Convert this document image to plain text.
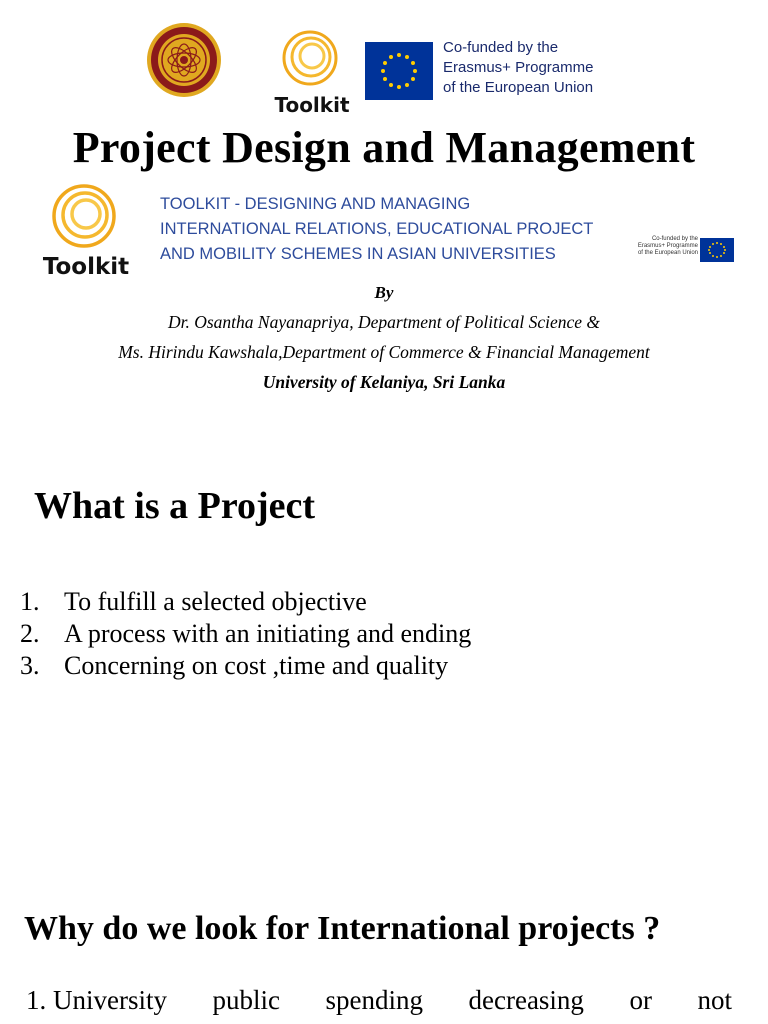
Toolkit
Co-funded by the
Erasmus+ Programme
of the European Union
Project Design and Management
Toolkit
TOOLKIT - DESIGNING AND MANAGING
INTERNATIONAL RELATIONS, EDUCATIONAL PROJECT
AND MOBILITY SCHEMES IN ASIAN UNIVERSITIES
Co-funded by the
Erasmus+ Programme
of the European Union
By
Dr. Osantha Nayanapriya, Department of Political Science &
Ms. Hirindu Kawshala,Department of Commerce & Financial Management
University of Kelaniya, Sri Lanka
What is a Project
1. To fulfill a selected objective
2. A process with an initiating and ending
3. Concerning on cost ,time and quality
Why do we look for International projects ?
1. University public spending decreasing or not
